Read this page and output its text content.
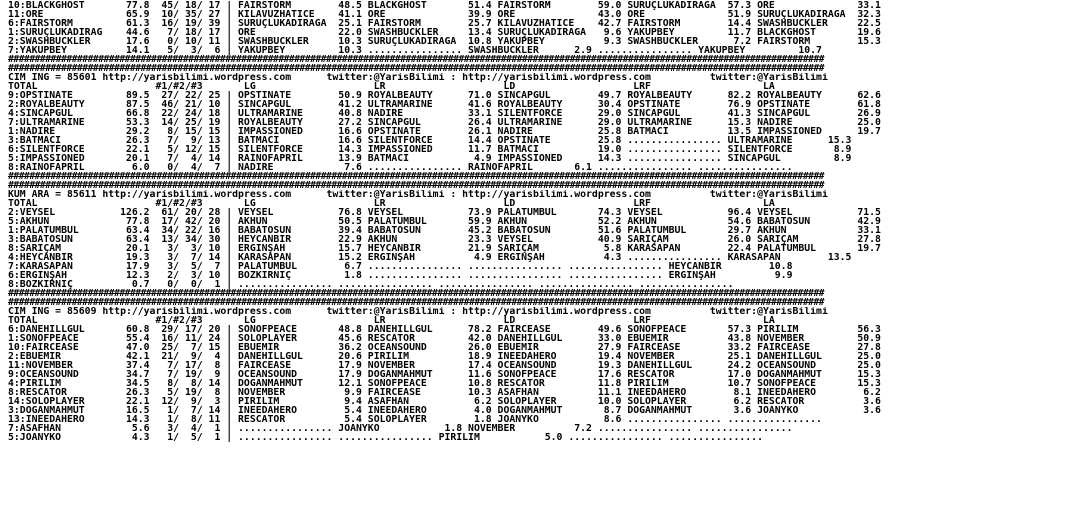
10:BLACKGHOST       77.8  45/ 18/ 17 | FAIRSTORM        48.5 BLACKGHOST       51.4 FAIRSTORM        59.0 SURUÇLUKADİRAĞA  57.3 ORE              33.1
11:ORE              65.9  10/ 35/ 27 | KILAVUZHATİCE    41.1 ORE              39.9 ORE              43.0 ORE              51.9 SURUÇLUKADİRAĞA  32.3
6:FAIRSTORM         61.3  16/ 19/ 39 | SURUÇLUKADİRAĞA  25.1 FAIRSTORM        25.7 KILAVUZHATİCE    42.7 FAIRSTORM        14.4 SWASHBUCKLER     22.5
1:SURUÇLUKADİRAĞ    44.6   7/ 18/ 17 | ORE              22.0 SWASHBUCKLER     13.4 SURUÇLUKADİRAĞA   9.6 YAKUPBEY         11.7 BLACKGHOST       19.6
2:SWASHBUCKLER      17.6   0/ 10/ 11 | SWASHBUCKLER     10.3 SURUÇLUKADİRAĞA  10.8 YAKUPBEY          9.3 SWASHBUCKLER      7.2 FAIRSTORM        15.3
7:YAKUPBEY          14.1   5/  3/  6 | YAKUPBEY         10.3 ................ SWASHBUCKLER      2.9 ................ YAKUPBEY         10.7
##########################################################################################################################################################
##########################################################################################################################################################
CIM ING = 85601 http://yarisbilimi.wordpress.com      twitter:@YarisBilimi : http://yarisbilimi.wordpress.com          twitter:@YarisBilimi
TOTAL                    #1/#2/#3       LG                    LR                    LD                    LRF                   LA
9:OPSTINATE         89.5  27/ 22/ 25 | OPSTINATE        50.9 ROYALBEAUTY      71.0 SİNCAPGÜL        49.7 ROYALBEAUTY      82.2 ROYALBEAUTY      62.6
2:ROYALBEAUTY       87.5  46/ 21/ 10 | SİNCAPGÜL        41.2 ULTRAMARINE      41.6 ROYALBEAUTY      30.4 OPSTINATE        76.9 OPSTINATE        61.8
4:SİNCAPGÜL         66.8  22/ 24/ 18 | ULTRAMARINE      40.8 NADİRE           33.1 SILENTFORCE      29.0 SİNCAPGÜL        41.3 SİNCAPGÜL        26.9
7:ULTRAMARINE       53.3  14/ 25/ 19 | ROYALBEAUTY      27.2 SİNCAPGÜL        26.4 ULTRAMARINE      29.0 ULTRAMARINE      15.3 NADİRE           25.0
1:NADİRE            29.2   8/ 15/ 15 | IMPASSIONED      16.6 OPSTINATE        26.1 NADİRE           25.8 BATMACI          13.5 IMPASSIONED      19.7
3:BATMACI           26.3   7/  9/ 13 | BATMACI          16.6 SILENTFORCE      14.4 OPSTINATE        25.8 ................ ULTRAMARINE      15.3
6:SILENTFORCE       22.1   5/ 12/ 15 | SILENTFORCE      14.3 IMPASSIONED      11.7 BATMACI          19.0 ................ SILENTFORCE       8.9
5:IMPASSIONED       20.1   7/  4/ 14 | RAINOFAPRIL      13.9 BATMACI           4.9 IMPASSIONED      14.3 ................ SİNCAPGÜL         8.9
8:RAINOFAPRIL        6.0   0/  4/  7 | NADİRE            7.6 ................ RAINOFAPRIL       6.1 ................ ................
##########################################################################################################################################################
##########################################################################################################################################################
KUM ARA = 85611 http://yarisbilimi.wordpress.com      twitter:@YarisBilimi : http://yarisbilimi.wordpress.com          twitter:@YarisBilimi
TOTAL                    #1/#2/#3       LG                    LR                    LD                    LRF                   LA
2:VEYSEL           126.2  61/ 20/ 28 | VEYSEL           76.8 VEYSEL           73.9 PALATUMBUL       74.3 VEYSEL           96.4 VEYSEL           71.5
5:AKHUN             77.8  17/ 42/ 20 | AKHUN            50.5 PALATUMBUL       59.9 AKHUN            52.2 AKHUN            54.6 BABATOSUN        42.9
1:PALATUMBUL        63.4  34/ 22/ 16 | BABATOSUN        39.4 BABATOSUN        45.2 BABATOSUN        51.6 PALATUMBUL       29.7 AKHUN            33.1
3:BABATOSUN         63.4  13/ 34/ 30 | HEYCANBİR        22.9 AKHUN            23.3 VEYSEL           40.9 SARIÇAM          26.0 SARIÇAM          27.8
8:SARIÇAM           20.1   3/  3/ 10 | ERGİNŞAH         15.7 HEYCANBİR        21.9 SARIÇAM           5.8 KARASAPAN        22.4 PALATUMBUL       19.7
4:HEYCANBİR         19.3   3/  7/ 14 | KARASAPAN        15.2 ERGİNŞAH          4.9 ERGİNŞAH          4.3 ................ KARASAPAN        13.5
7:KARASAPAN         17.9   3/  5/  7 | PALATUMBUL        6.7 ................ ................ ................ HEYCANBİR        10.8
6:ERGİNŞAH          12.3   2/  3/ 10 | BOZKIRNIÇ         1.8 ................ ................ ................ ERGİNŞAH          9.9
8:BOZKIRNIÇ          0.7   0/  0/  1 | ................ ................ ................ ................ ................
##########################################################################################################################################################
##########################################################################################################################################################
CIM ING = 85609 http://yarisbilimi.wordpress.com      twitter:@YarisBilimi : http://yarisbilimi.wordpress.com          twitter:@YarisBilimi
TOTAL                    #1/#2/#3       LG                    LR                    LD                    LRF                   LA
6:DANEHILLGÜL       60.8  29/ 17/ 20 | SONOFPEACE       48.8 DANEHILLGÜL      78.2 FAIRCEASE        49.6 SONOFPEACE       57.3 PIRILIM          56.3
1:SONOFPEACE        55.4  16/ 11/ 24 | SOLOPLAYER       45.6 RESCATOR         42.0 DANEHILLGÜL      33.0 EBUEMİR          43.8 NOVEMBER         50.9
10:FAIRCEASE        47.0  25/  7/ 15 | EBUEMİR          36.2 OCEANSOUND       26.0 EBUEMİR          27.9 FAIRCEASE        33.2 FAIRCEASE        27.8
2:EBUEMİR           42.1  21/  9/  4 | DANEHILLGÜL      20.6 PIRILIM          18.9 INEEDAHERO       19.4 NOVEMBER         25.1 DANEHILLGÜL      25.0
11:NOVEMBER         37.4   7/ 17/  8 | FAIRCEASE        17.9 NOVEMBER         17.4 OCEANSOUND       19.3 DANEHILLGÜL      24.2 OCEANSOUND       25.0
9:OCEANSOUND        34.7   7/ 19/  9 | OCEANSOUND       17.9 DOĞANMAHMUT      11.6 SONOFPEACE       17.6 RESCATOR         17.0 DOĞANMAHMUT      15.3
4:PIRILIM           34.5   8/  8/ 14 | DOĞANMAHMUT      12.1 SONOFPEACE       10.8 RESCATOR         11.8 PIRILIM          10.7 SONOFPEACE       15.3
8:RESCATOR          26.3   5/ 19/  8 | NOVEMBER          9.9 FAIRCEASE        10.3 ASAFHAN          11.1 INEEDAHERO        8.1 INEEDAHERO        6.2
14:SOLOPLAYER       22.1  12/  9/  3 | PIRILIM           9.4 ASAFHAN           6.2 SOLOPLAYER       10.0 SOLOPLAYER        6.2 RESCATOR          3.6
3:DOĞANMAHMUT       16.5   1/  7/ 14 | INEEDAHERO        5.4 INEEDAHERO        4.0 DOĞANMAHMUT       8.7 DOĞANMAHMUT       3.6 JOANYKO           3.6
13:INEEDAHERO       14.3   1/  8/ 11 | RESCATOR          5.4 SOLOPLAYER        1.8 JOANYKO           8.6 ................ ................
7:ASAFHAN            5.6   3/  4/  1 | ................ JOANYKO           1.8 NOVEMBER          7.2 ................ ................
5:JOANYKO            4.3   1/  5/  1 | ................ ................ PIRILIM           5.0 ................ ................
